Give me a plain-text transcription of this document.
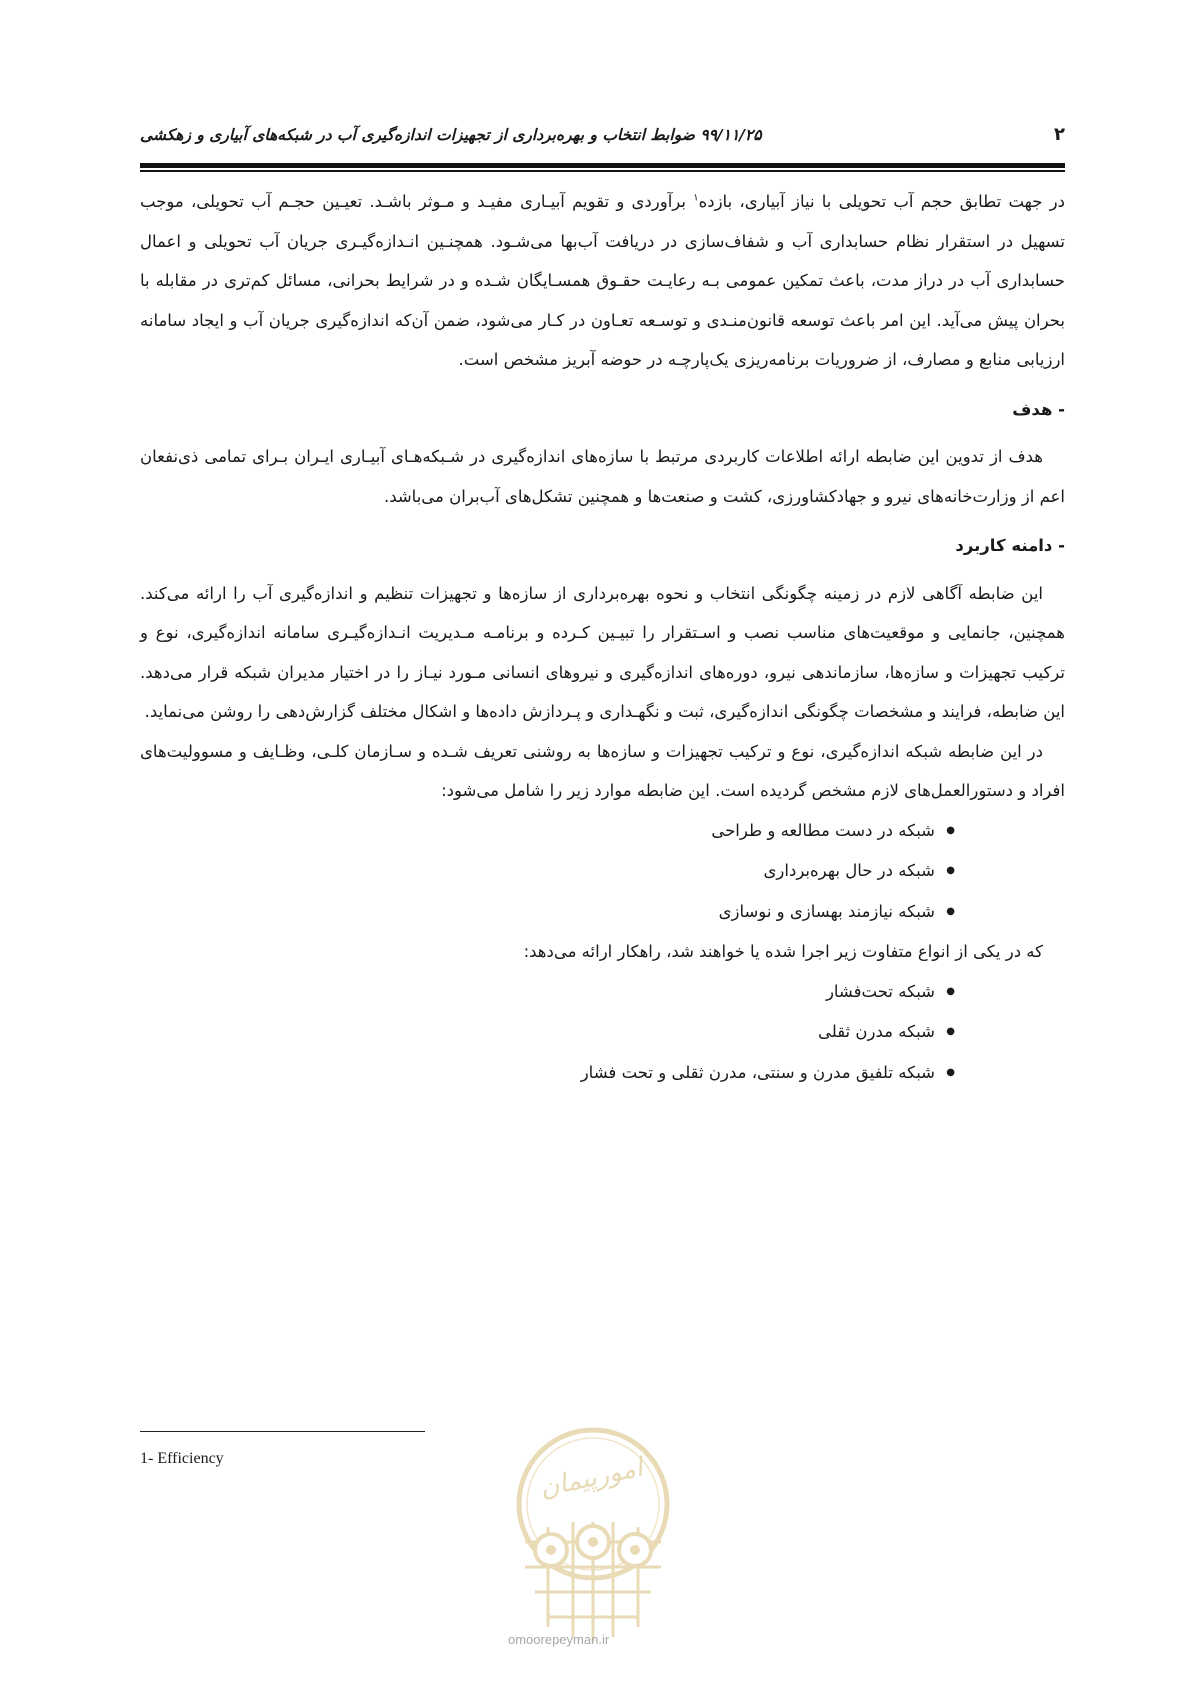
۲
۹۹/۱۱/۲۵ ضوابط انتخاب و بهره‌برداری از تجهیزات اندازه‌گیری آب در شبکه‌های آبیاری و زهکشی

در جهت تطابق حجم آب تحویلی با نیاز آبیاری، بازده$^۱$ برآوردی و تقویم آبیـاری مفیـد و مـوثر باشـد. تعیـین حجـم آب تحویلی، موجب تسهیل در استقرار نظام حسابداری آب و شفاف‌سازی در دریافت آب‌بها می‌شـود. همچنـین انـدازه‌گیـری جریان آب تحویلی و اعمال حسابداری آب در دراز مدت، باعث تمکین عمومی بـه رعایـت حقـوق همسـایگان شـده و در شرایط بحرانی، مسائل کم‌تری در مقابله با بحران پیش می‌آید. این امر باعث توسعه قانون‌منـدی و توسـعه تعـاون در کـار می‌شود، ضمن آن‌که اندازه‌گیری جریان آب و ایجاد سامانه ارزیابی منابع و مصارف، از ضروریات برنامه‌ریزی یک‌پارچـه در حوضه آبریز مشخص است.

- هدف

هدف از تدوین این ضابطه ارائه اطلاعات کاربردی مرتبط با سازه‌های اندازه‌گیری در شـبکه‌هـای آبیـاری ایـران بـرای تمامی ذی‌نفعان اعم از وزارت‌خانه‌های نیرو و جهادکشاورزی، کشت و صنعت‌ها و همچنین تشکل‌های آب‌بران می‌باشد.

- دامنه کاربرد

این ضابطه آگاهی لازم در زمینه چگونگی انتخاب و نحوه بهره‌برداری از سازه‌ها و تجهیزات تنظیم و اندازه‌گیری آب را ارائه می‌کند. همچنین، جانمایی و موقعیت‌های مناسب نصب و اسـتقرار را تبیـین کـرده و برنامـه مـدیریت انـدازه‌گیـری سامانه اندازه‌گیری، نوع و ترکیب تجهیزات و سازه‌ها، سازماندهی نیرو، دوره‌های اندازه‌گیری و نیروهای انسانی مـورد نیـاز را در اختیار مدیران شبکه قرار می‌دهد. این ضابطه، فرایند و مشخصات چگونگی اندازه‌گیری، ثبت و نگهـداری و پـردازش داده‌ها و اشکال مختلف گزارش‌دهی را روشن می‌نماید.

در این ضابطه شبکه اندازه‌گیری، نوع و ترکیب تجهیزات و سازه‌ها به روشنی تعریف شـده و سـازمان کلـی، وظـایف و مسوولیت‌های افراد و دستورالعمل‌های لازم مشخص گردیده است. این ضابطه موارد زیر را شامل می‌شود:

● شبکه در دست مطالعه و طراحی
● شبکه در حال بهره‌برداری
● شبکه نیازمند بهسازی و نوسازی

که در یکی از انواع متفاوت زیر اجرا شده یا خواهند شد، راهکار ارائه می‌دهد:

● شبکه تحت‌فشار
● شبکه مدرن ثقلی
● شبکه تلفیق مدرن و سنتی، مدرن ثقلی و تحت فشار
1- Efficiency	امورپیمان
omoorepeyman.ir
